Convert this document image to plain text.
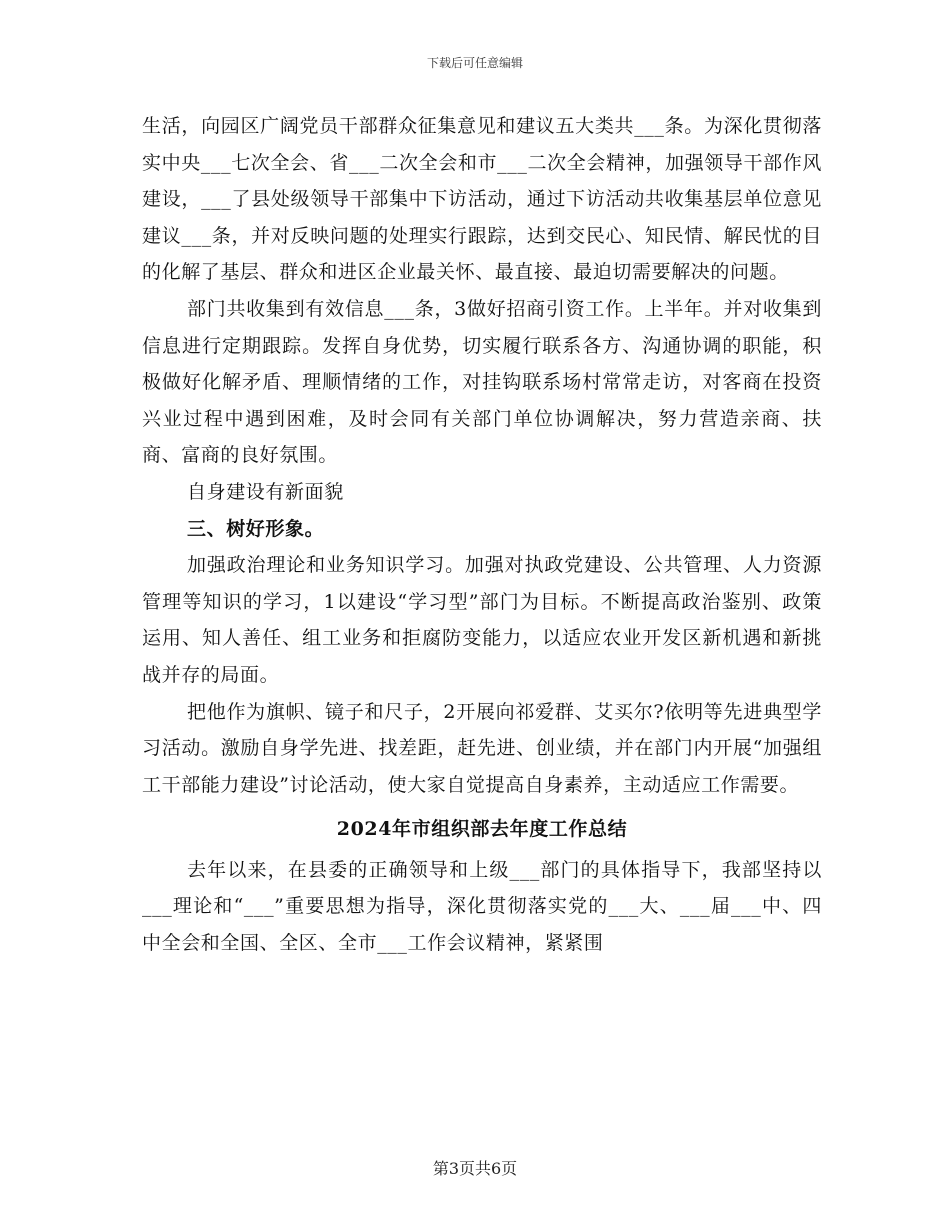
下载后可任意编辑

生活，向园区广阔党员干部群众征集意见和建议五大类共___条。为深化贯彻落实中央___七次全会、省___二次全会和市___二次全会精神，加强领导干部作风建设，___了县处级领导干部集中下访活动，通过下访活动共收集基层单位意见建议___条，并对反映问题的处理实行跟踪，达到交民心、知民情、解民忧的目的化解了基层、群众和进区企业最关怀、最直接、最迫切需要解决的问题。

部门共收集到有效信息___条，3做好招商引资工作。上半年。并对收集到信息进行定期跟踪。发挥自身优势，切实履行联系各方、沟通协调的职能，积极做好化解矛盾、理顺情绪的工作，对挂钩联系场村常常走访，对客商在投资兴业过程中遇到困难，及时会同有关部门单位协调解决，努力营造亲商、扶商、富商的良好氛围。

自身建设有新面貌

三、树好形象。

加强政治理论和业务知识学习。加强对执政党建设、公共管理、人力资源管理等知识的学习，1以建设“学习型”部门为目标。不断提高政治鉴别、政策运用、知人善任、组工业务和拒腐防变能力，以适应农业开发区新机遇和新挑战并存的局面。

把他作为旗帜、镜子和尺子，2开展向祁爱群、艾买尔?依明等先进典型学习活动。激励自身学先进、找差距，赶先进、创业绩，并在部门内开展“加强组工干部能力建设”讨论活动，使大家自觉提高自身素养，主动适应工作需要。

2024年市组织部去年度工作总结

去年以来，在县委的正确领导和上级___部门的具体指导下，我部坚持以___理论和“___”重要思想为指导，深化贯彻落实党的___大、___届___中、四中全会和全国、全区、全市___工作会议精神，紧紧围

第3页共6页
